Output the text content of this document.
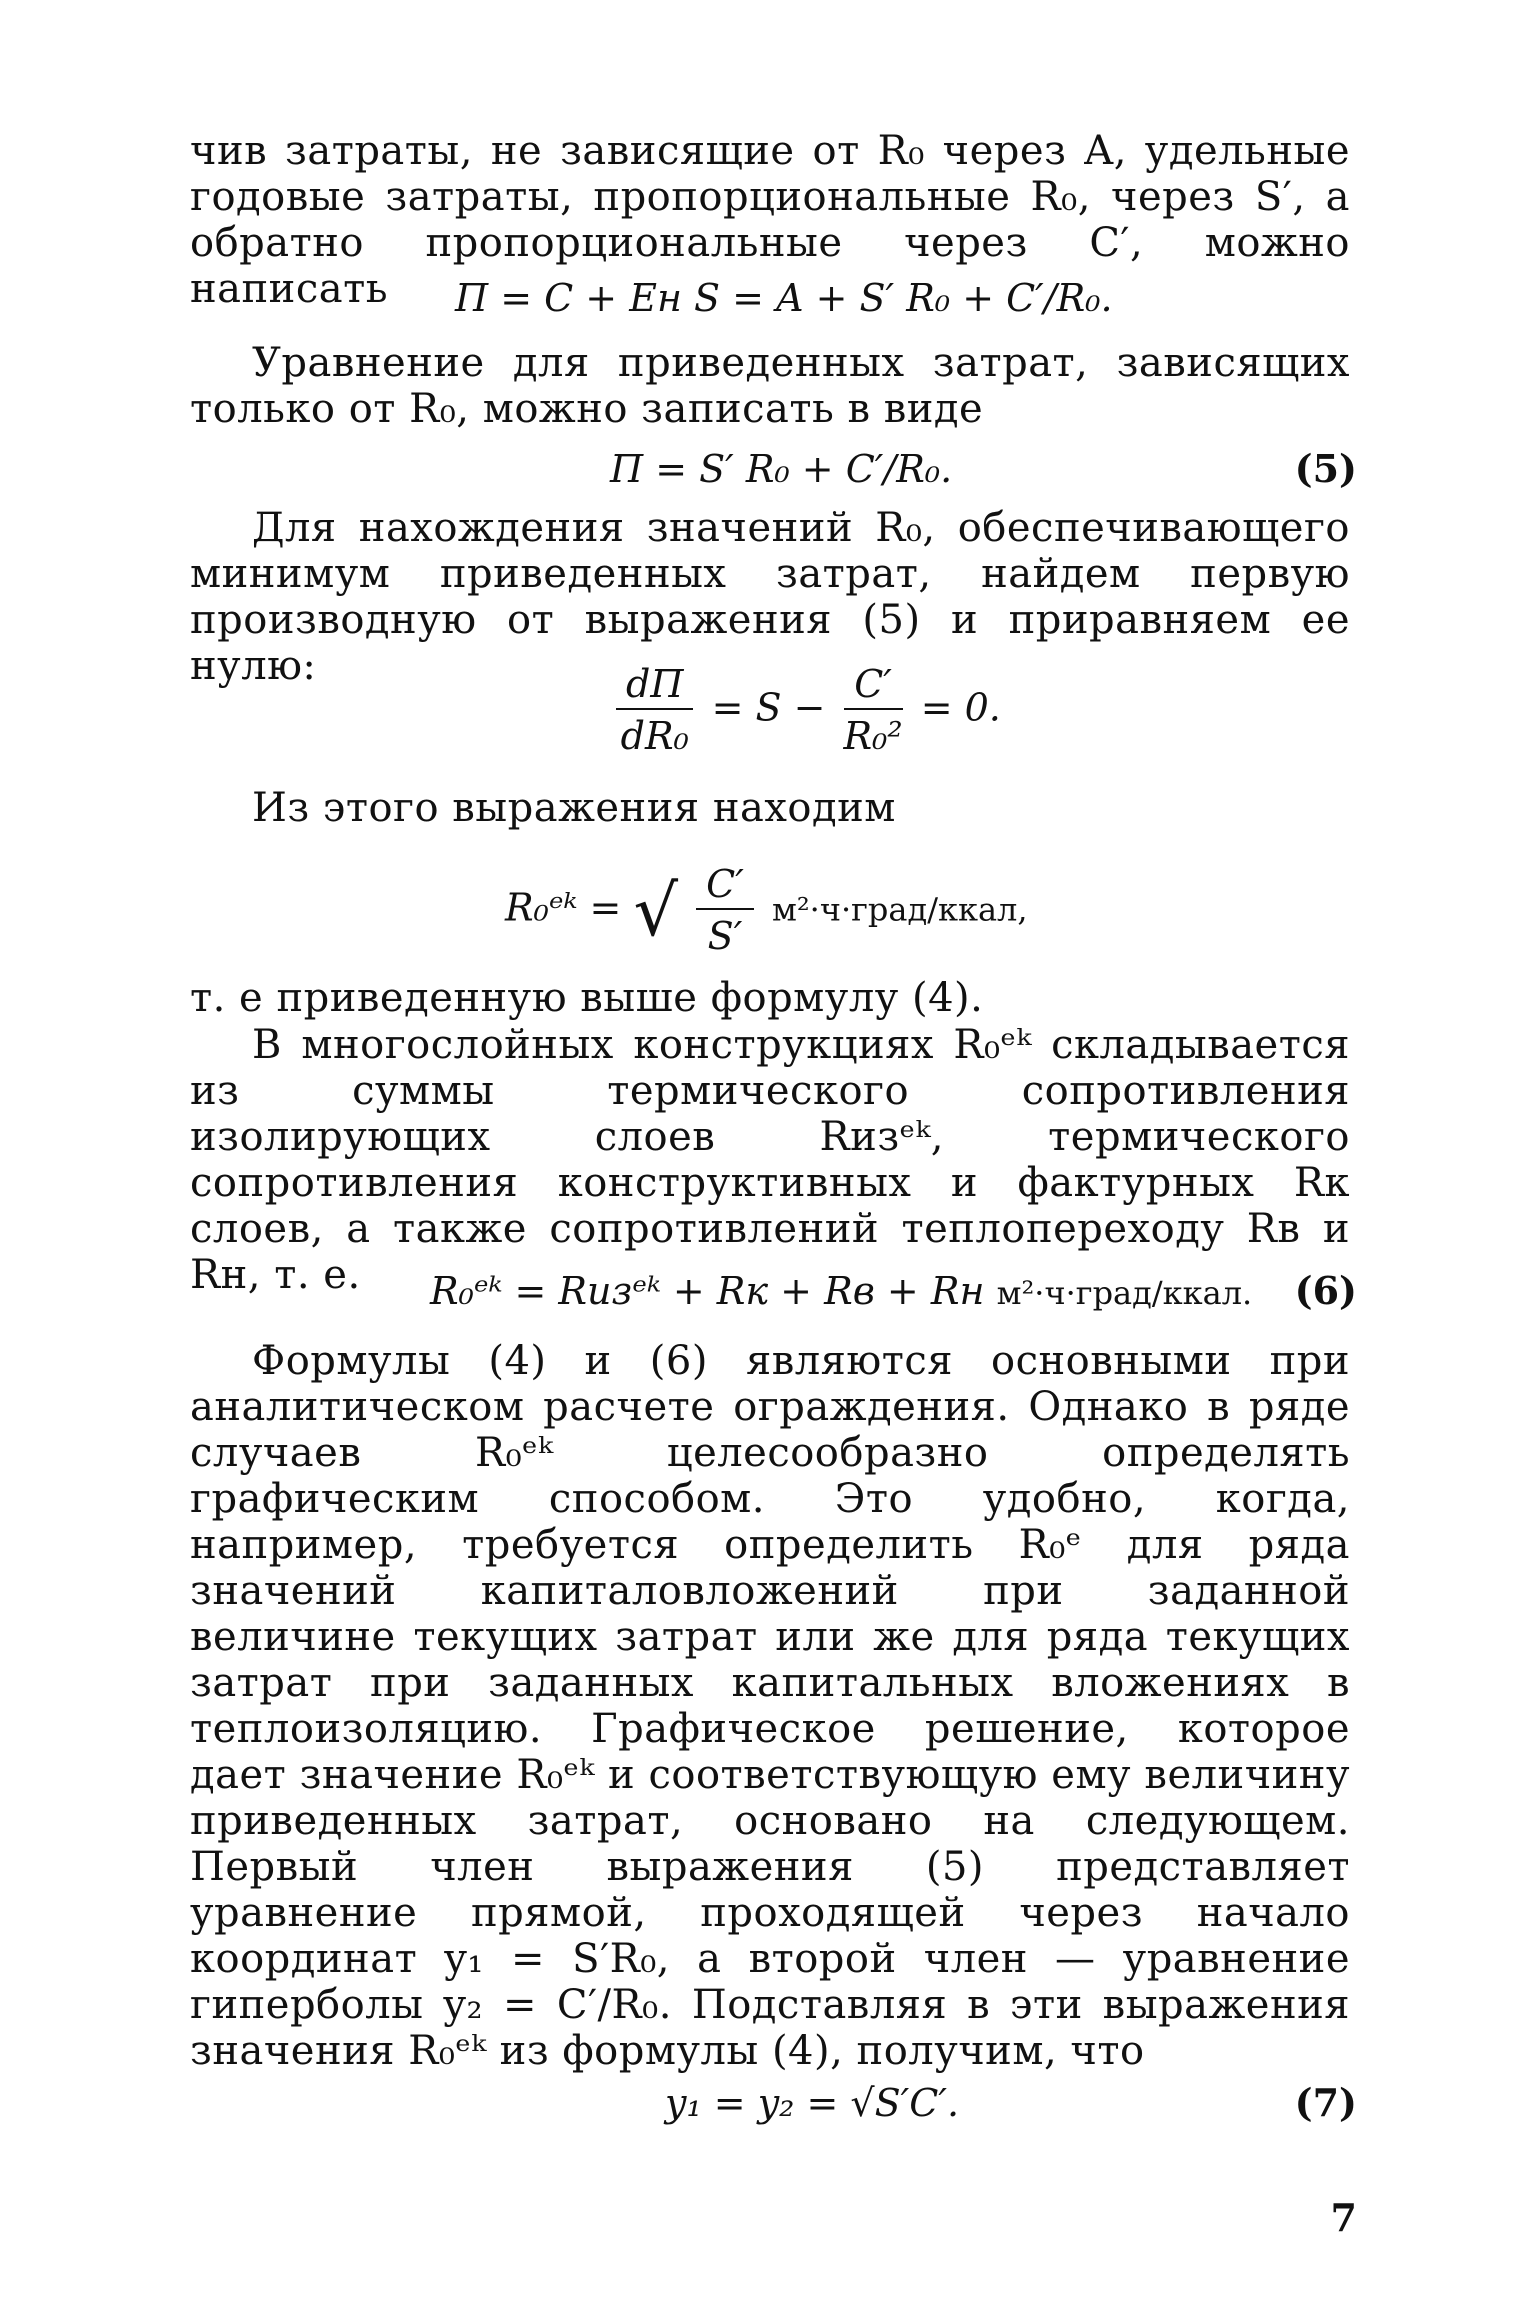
чив затраты, не зависящие от R₀ через A, удельные годовые затраты, пропорциональные R₀, через S′, а обратно пропорциональные через C′, можно написать	П = C + Eн S = A + S′ R₀ + C′/R₀.
Уравнение для приведенных затрат, зависящих только от R₀, можно записать в виде
П = S′ R₀ + C′/R₀.	(5)
Для нахождения значений R₀, обеспечивающего минимум приведенных затрат, найдем первую производную от выражения (5) и приравняем ее нулю:	$\frac{dП}{\text{dR₀}} = S - \frac{C'}{\text{R₀²}} = 0$.
Из этого выражения находим
R₀ᵉᵏ = √ $\frac{C'}{S'}$ м²·ч·град/ккал,
т. е приведенную выше формулу (4).
В многослойных конструкциях R₀ᵉᵏ складывается из суммы термического сопротивления изолирующих слоев Rизᵉᵏ, термического сопротивления конструктивных и фактурных Rк слоев, а также сопротивлений теплопереходу Rв и Rн, т. е.	R₀ᵉᵏ = Rизᵉᵏ + Rк + Rв + Rн м²·ч·град/ккал. (6)
Формулы (4) и (6) являются основными при аналитическом расчете ограждения. Однако в ряде случаев R₀ᵉᵏ целесообразно определять графическим способом. Это удобно, когда, например, требуется определить R₀ᵉ для ряда значений капиталовложений при заданной величине текущих затрат или же для ряда текущих затрат при заданных капитальных вложениях в теплоизоляцию. Графическое решение, которое дает значение R₀ᵉᵏ и соответствующую ему величину приведенных затрат, основано на следующем. Первый член выражения (5) представляет уравнение прямой, проходящей через начало координат y₁ = S′R₀, а второй член — уравнение гиперболы y₂ = C′/R₀. Подставляя в эти выражения значения R₀ᵉᵏ из формулы (4), получим, что
y₁ = y₂ = √S′C′.	(7)
7
